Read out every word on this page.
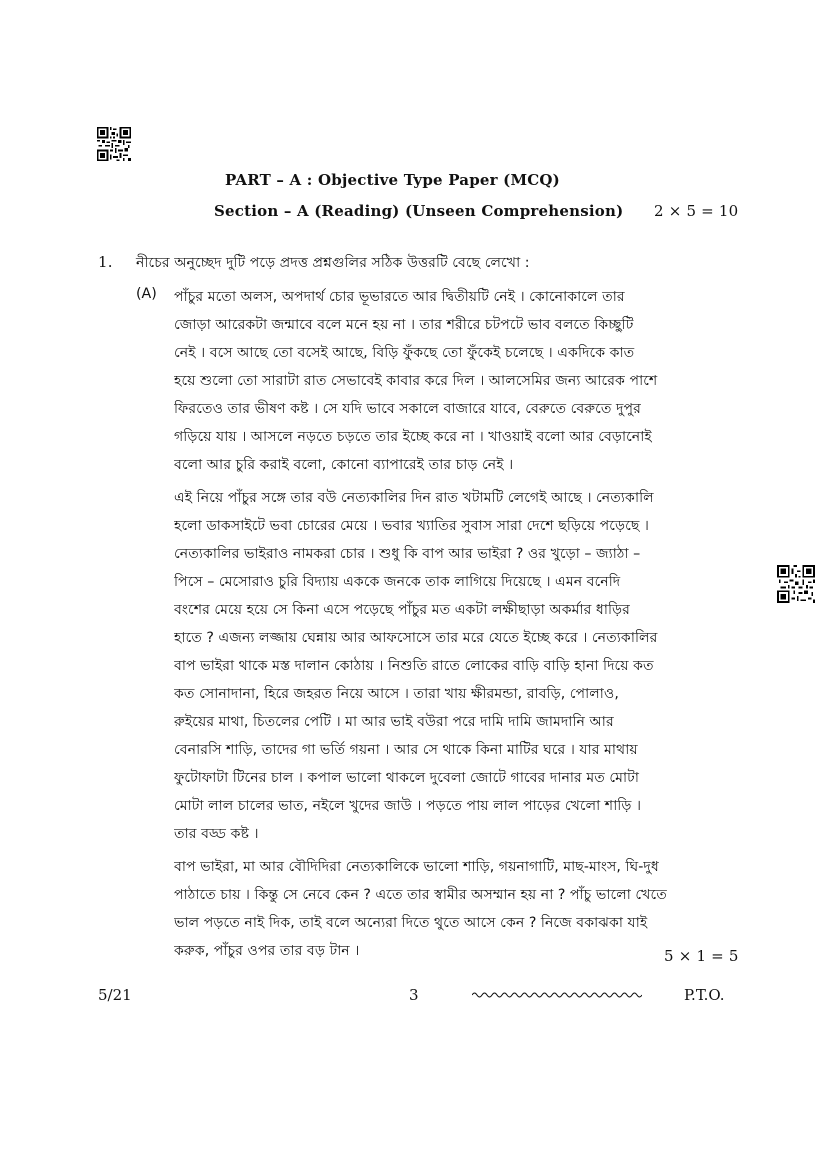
PART – A : Objective Type Paper (MCQ)
Section – A (Reading) (Unseen Comprehension) 2 × 5 = 10
1. নীচের অনুচ্ছেদ দুটি পড়ে প্রদত্ত প্রশ্নগুলির সঠিক উত্তরটি বেছে লেখো :
(A) পাঁচুর মতো অলস, অপদার্থ চোর ভূভারতে আর দ্বিতীয়টি নেই । কোনোকালে তার
জোড়া আরেকটা জন্মাবে বলে মনে হয় না । তার শরীরে চটপটে ভাব বলতে কিচ্ছুটি
নেই । বসে আছে তো বসেই আছে, বিড়ি ফুঁকছে তো ফুঁকেই চলেছে । একদিকে কাত
হয়ে শুলো তো সারাটা রাত সেভাবেই কাবার করে দিল । আলসেমির জন্য আরেক পাশে
ফিরতেও তার ভীষণ কষ্ট । সে যদি ভাবে সকালে বাজারে যাবে, বেরুতে বেরুতে দুপুর
গড়িয়ে যায় । আসলে নড়তে চড়তে তার ইচ্ছে করে না । খাওয়াই বলো আর বেড়ানোই
বলো আর চুরি করাই বলো, কোনো ব্যাপারেই তার চাড় নেই ।
এই নিয়ে পাঁচুর সঙ্গে তার বউ নেত্যকালির দিন রাত খটামটি লেগেই আছে । নেত্যকালি
হলো ডাকসাইটে ভবা চোরের মেয়ে । ভবার খ্যাতির সুবাস সারা দেশে ছড়িয়ে পড়েছে ।
নেত্যকালির ভাইরাও নামকরা চোর । শুধু কি বাপ আর ভাইরা ? ওর খুড়ো – জ্যাঠা –
পিসে – মেসোরাও চুরি বিদ্যায় এককে জনকে তাক লাগিয়ে দিয়েছে । এমন বনেদি
বংশের মেয়ে হয়ে সে কিনা এসে পড়েছে পাঁচুর মত একটা লক্ষীছাড়া অকর্মার ধাড়ির
হাতে ? এজন্য লজ্জায় ঘেন্নায় আর আফসোসে তার মরে যেতে ইচ্ছে করে । নেত্যকালির
বাপ ভাইরা থাকে মস্ত দালান কোঠায় । নিশুতি রাতে লোকের বাড়ি বাড়ি হানা দিয়ে কত
কত সোনাদানা, হিরে জহরত নিয়ে আসে । তারা খায় ক্ষীরমন্ডা, রাবড়ি, পোলাও,
রুইয়ের মাথা, চিতলের পেটি । মা আর ভাই বউরা পরে দামি দামি জামদানি আর
বেনারসি শাড়ি, তাদের গা ভর্তি গয়না । আর সে থাকে কিনা মাটির ঘরে । যার মাথায়
ফুটোফাটা টিনের চাল । কপাল ভালো থাকলে দুবেলা জোটে গাবের দানার মত মোটা
মোটা লাল চালের ভাত, নইলে খুদের জাউ । পড়তে পায় লাল পাড়ের খেলো শাড়ি ।
তার বড্ড কষ্ট ।
বাপ ভাইরা, মা আর বৌদিদিরা নেত্যকালিকে ভালো শাড়ি, গয়নাগাটি, মাছ-মাংস, ঘি-দুধ
পাঠাতে চায় । কিন্তু সে নেবে কেন ? এতে তার স্বামীর অসম্মান হয় না ? পাঁচু ভালো খেতে
ভাল পড়তে নাই দিক, তাই বলে অন্যেরা দিতে থুতে আসে কেন ? নিজে বকাঝকা যাই
করুক, পাঁচুর ওপর তার বড় টান ।	5 × 1 = 5
5/21	3	P.T.O.
